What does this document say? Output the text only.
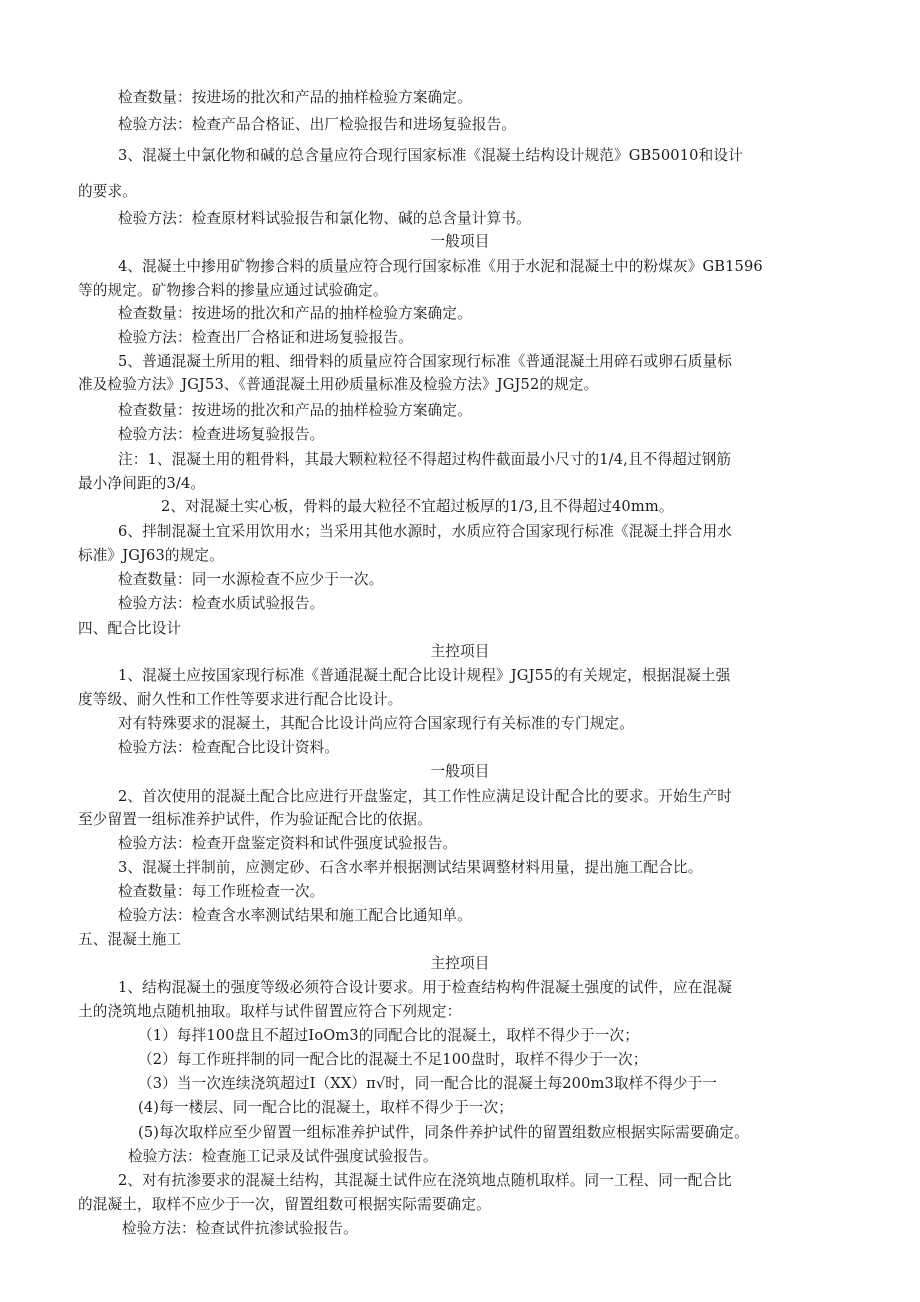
检查数量：按进场的批次和产品的抽样检验方案确定。
检验方法：检查产品合格证、出厂检验报告和进场复验报告。
3、混凝土中氯化物和碱的总含量应符合现行国家标准《混凝土结构设计规范》GB50010和设计
的要求。
检验方法：检查原材料试验报告和氯化物、碱的总含量计算书。
一般项目
4、混凝土中掺用矿物掺合料的质量应符合现行国家标准《用于水泥和混凝土中的粉煤灰》GB1596
等的规定。矿物掺合料的掺量应通过试验确定。
检查数量：按进场的批次和产品的抽样检验方案确定。
检验方法：检查出厂合格证和进场复验报告。
5、普通混凝土所用的粗、细骨料的质量应符合国家现行标准《普通混凝土用碎石或卵石质量标
准及检验方法》JGJ53、《普通混凝土用砂质量标准及检验方法》JGJ52的规定。
检查数量：按进场的批次和产品的抽样检验方案确定。
检验方法：检查进场复验报告。
注：1、混凝土用的粗骨料，其最大颗粒粒径不得超过构件截面最小尺寸的1/4,且不得超过钢筋
最小净间距的3/4。
2、对混凝土实心板，骨料的最大粒径不宜超过板厚的1/3,且不得超过40mm。
6、拌制混凝土宜采用饮用水；当采用其他水源时，水质应符合国家现行标准《混凝土拌合用水
标准》JGJ63的规定。
检查数量：同一水源检查不应少于一次。
检验方法：检查水质试验报告。
四、配合比设计
主控项目
1、混凝土应按国家现行标准《普通混凝土配合比设计规程》JGJ55的有关规定，根据混凝土强
度等级、耐久性和工作性等要求进行配合比设计。
对有特殊要求的混凝土，其配合比设计尚应符合国家现行有关标准的专门规定。
检验方法：检查配合比设计资料。
一般项目
2、首次使用的混凝土配合比应进行开盘鉴定，其工作性应满足设计配合比的要求。开始生产时
至少留置一组标准养护试件，作为验证配合比的依据。
检验方法：检查开盘鉴定资料和试件强度试验报告。
3、混凝土拌制前，应测定砂、石含水率并根据测试结果调整材料用量，提出施工配合比。
检查数量：每工作班检查一次。
检验方法：检查含水率测试结果和施工配合比通知单。
五、混凝土施工
主控项目
1、结构混凝土的强度等级必须符合设计要求。用于检查结构构件混凝土强度的试件，应在混凝
土的浇筑地点随机抽取。取样与试件留置应符合下列规定：
（1）每拌100盘且不超过IoOm3的同配合比的混凝土，取样不得少于一次；
（2）每工作班拌制的同一配合比的混凝土不足100盘时，取样不得少于一次；
（3）当一次连续浇筑超过I（XX）π√时，同一配合比的混凝土每200m3取样不得少于一
(4)每一楼层、同一配合比的混凝土，取样不得少于一次；
(5)每次取样应至少留置一组标准养护试件，同条件养护试件的留置组数应根据实际需要确定。
检验方法：检查施工记录及试件强度试验报告。
2、对有抗渗要求的混凝土结构，其混凝土试件应在浇筑地点随机取样。同一工程、同一配合比
的混凝土，取样不应少于一次，留置组数可根据实际需要确定。
检验方法：检查试件抗渗试验报告。
